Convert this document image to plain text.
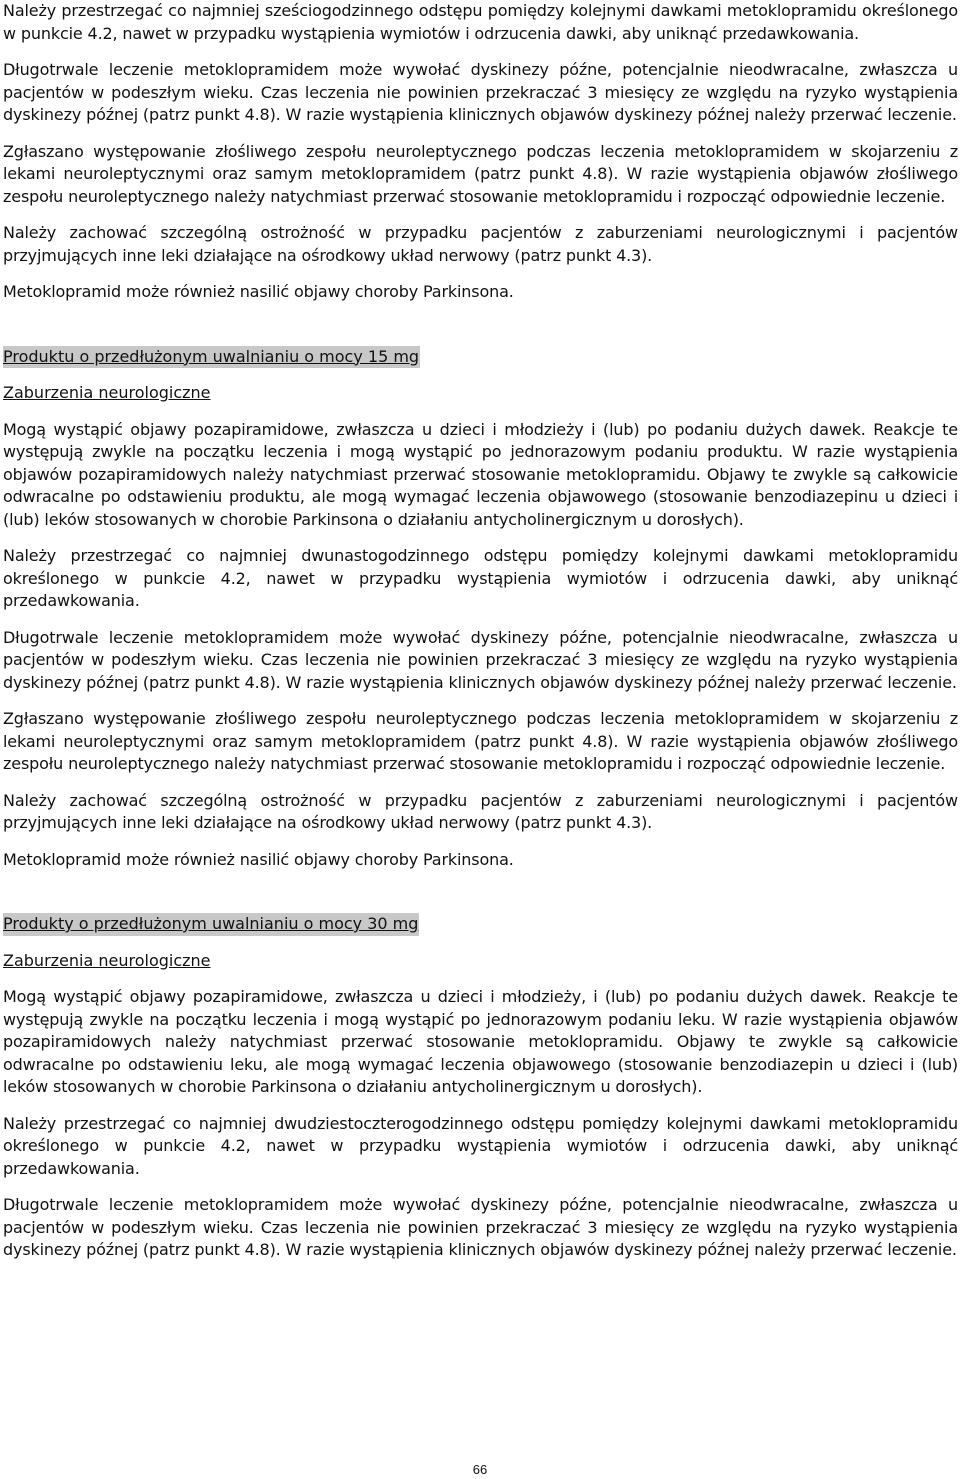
Należy przestrzegać co najmniej sześciogodzinnego odstępu pomiędzy kolejnymi dawkami metoklopramidu określonego w punkcie 4.2, nawet w przypadku wystąpienia wymiotów i odrzucenia dawki, aby uniknąć przedawkowania.

Długotrwale leczenie metoklopramidem może wywołać dyskinezy późne, potencjalnie nieodwracalne, zwłaszcza u pacjentów w podeszłym wieku. Czas leczenia nie powinien przekraczać 3 miesięcy ze względu na ryzyko wystąpienia dyskinezy późnej (patrz punkt 4.8). W razie wystąpienia klinicznych objawów dyskinezy późnej należy przerwać leczenie.

Zgłaszano występowanie złośliwego zespołu neuroleptycznego podczas leczenia metoklopramidem w skojarzeniu z lekami neuroleptycznymi oraz samym metoklopramidem (patrz punkt 4.8). W razie wystąpienia objawów złośliwego zespołu neuroleptycznego należy natychmiast przerwać stosowanie metoklopramidu i rozpocząć odpowiednie leczenie.

Należy zachować szczególną ostrożność w przypadku pacjentów z zaburzeniami neurologicznymi i pacjentów przyjmujących inne leki działające na ośrodkowy układ nerwowy (patrz punkt 4.3).

Metoklopramid może również nasilić objawy choroby Parkinsona.

Produktu o przedłużonym uwalnianiu o mocy 15 mg

Zaburzenia neurologiczne

Mogą wystąpić objawy pozapiramidowe, zwłaszcza u dzieci i młodzieży i (lub) po podaniu dużych dawek. Reakcje te występują zwykle na początku leczenia i mogą wystąpić po jednorazowym podaniu produktu. W razie wystąpienia objawów pozapiramidowych należy natychmiast przerwać stosowanie metoklopramidu. Objawy te zwykle są całkowicie odwracalne po odstawieniu produktu, ale mogą wymagać leczenia objawowego (stosowanie benzodiazepinu u dzieci i (lub) leków stosowanych w chorobie Parkinsona o działaniu antycholinergicznym u dorosłych).

Należy przestrzegać co najmniej dwunastogodzinnego odstępu pomiędzy kolejnymi dawkami metoklopramidu określonego w punkcie 4.2, nawet w przypadku wystąpienia wymiotów i odrzucenia dawki, aby uniknąć przedawkowania.

Długotrwale leczenie metoklopramidem może wywołać dyskinezy późne, potencjalnie nieodwracalne, zwłaszcza u pacjentów w podeszłym wieku. Czas leczenia nie powinien przekraczać 3 miesięcy ze względu na ryzyko wystąpienia dyskinezy późnej (patrz punkt 4.8). W razie wystąpienia klinicznych objawów dyskinezy późnej należy przerwać leczenie.

Zgłaszano występowanie złośliwego zespołu neuroleptycznego podczas leczenia metoklopramidem w skojarzeniu z lekami neuroleptycznymi oraz samym metoklopramidem (patrz punkt 4.8). W razie wystąpienia objawów złośliwego zespołu neuroleptycznego należy natychmiast przerwać stosowanie metoklopramidu i rozpocząć odpowiednie leczenie.

Należy zachować szczególną ostrożność w przypadku pacjentów z zaburzeniami neurologicznymi i pacjentów przyjmujących inne leki działające na ośrodkowy układ nerwowy (patrz punkt 4.3).

Metoklopramid może również nasilić objawy choroby Parkinsona.

Produkty o przedłużonym uwalnianiu o mocy 30 mg

Zaburzenia neurologiczne

Mogą wystąpić objawy pozapiramidowe, zwłaszcza u dzieci i młodzieży, i (lub) po podaniu dużych dawek. Reakcje te występują zwykle na początku leczenia i mogą wystąpić po jednorazowym podaniu leku. W razie wystąpienia objawów pozapiramidowych należy natychmiast przerwać stosowanie metoklopramidu. Objawy te zwykle są całkowicie odwracalne po odstawieniu leku, ale mogą wymagać leczenia objawowego (stosowanie benzodiazepin u dzieci i (lub) leków stosowanych w chorobie Parkinsona o działaniu antycholinergicznym u dorosłych).

Należy przestrzegać co najmniej dwudziestoczterogodzinnego odstępu pomiędzy kolejnymi dawkami metoklopramidu określonego w punkcie 4.2, nawet w przypadku wystąpienia wymiotów i odrzucenia dawki, aby uniknąć przedawkowania.

Długotrwale leczenie metoklopramidem może wywołać dyskinezy późne, potencjalnie nieodwracalne, zwłaszcza u pacjentów w podeszłym wieku. Czas leczenia nie powinien przekraczać 3 miesięcy ze względu na ryzyko wystąpienia dyskinezy późnej (patrz punkt 4.8). W razie wystąpienia klinicznych objawów dyskinezy późnej należy przerwać leczenie.

66
